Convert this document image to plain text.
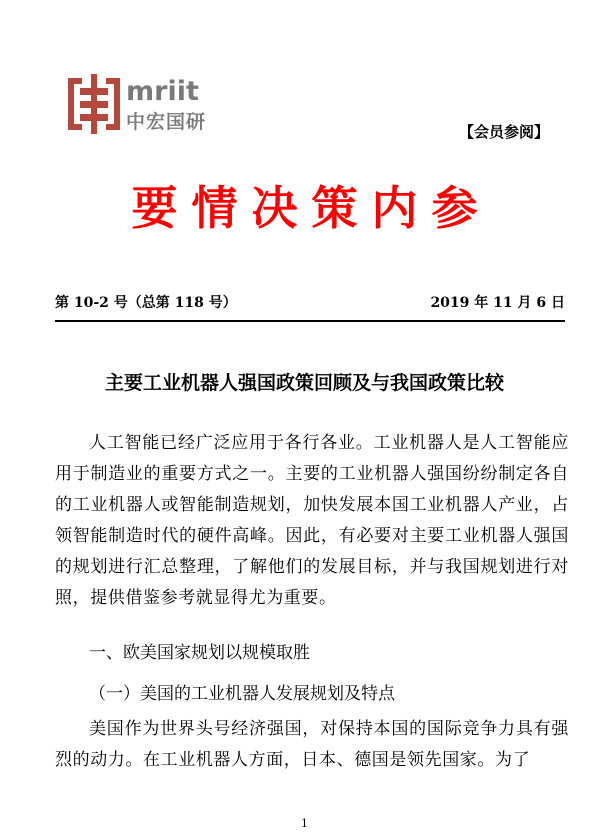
mriit
中宏国研	【会员参阅】
要情决策内参
第 10-2 号（总第 118 号）	2019 年 11 月 6 日
主要工业机器人强国政策回顾及与我国政策比较
人工智能已经广泛应用于各行各业。工业机器人是人工智能应用于制造业的重要方式之一。主要的工业机器人强国纷纷制定各自的工业机器人或智能制造规划，加快发展本国工业机器人产业，占领智能制造时代的硬件高峰。因此，有必要对主要工业机器人强国的规划进行汇总整理，了解他们的发展目标，并与我国规划进行对照，提供借鉴参考就显得尤为重要。
一、欧美国家规划以规模取胜
（一）美国的工业机器人发展规划及特点
美国作为世界头号经济强国，对保持本国的国际竞争力具有强烈的动力。在工业机器人方面，日本、德国是领先国家。为了
1
